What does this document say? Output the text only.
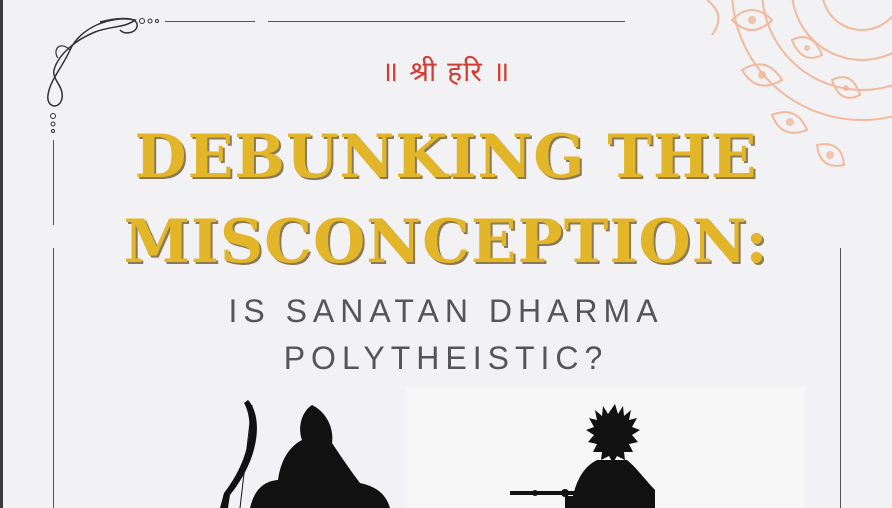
॥ श्री हरि ॥
DEBUNKING THE
MISCONCEPTION:
IS SANATAN DHARMA
POLYTHEISTIC?
